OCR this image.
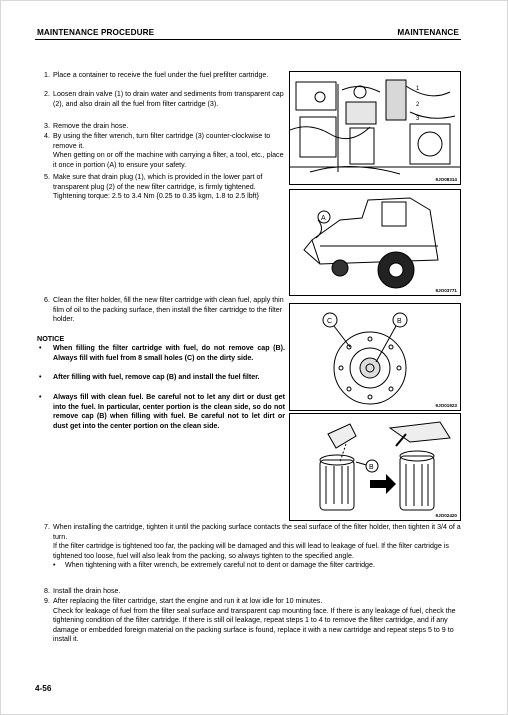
MAINTENANCE PROCEDURE	MAINTENANCE
1. Place a container to receive the fuel under the fuel prefilter cartridge.
2. Loosen drain valve (1) to drain water and sediments from transparent cap (2), and also drain all the fuel from filter cartridge (3).
3. Remove the drain hose.
4. By using the filter wrench, turn filter cartridge (3) counter-clockwise to remove it.
When getting on or off the machine with carrying a filter, a tool, etc., place it once in portion (A) to ensure your safety.
5. Make sure that drain plug (1), which is provided in the lower part of transparent plug (2) of the new filter cartridge, is firmly tightened.
Tightening torque: 2.5 to 3.4 Nm {0.25 to 0.35 kgm, 1.8 to 2.5 lbft}
6. Clean the filter holder, fill the new filter cartridge with clean fuel, apply thin film of oil to the packing surface, then install the filter cartridge to the filter holder.
NOTICE
• When filling the filter cartridge with fuel, do not remove cap (B). Always fill with fuel from 8 small holes (C) on the dirty side.
• After filling with fuel, remove cap (B) and install the fuel filter.
• Always fill with clean fuel. Be careful not to let any dirt or dust get into the fuel. In particular, center portion is the clean side, so do not remove cap (B) when filling with fuel. Be careful not to let dirt or dust get into the center portion on the clean side.
7. When installing the cartridge, tighten it until the packing surface contacts the seal surface of the filter holder, then tighten it 3/4 of a turn.
If the filter cartridge is tightened too far, the packing will be damaged and this will lead to leakage of fuel. If the filter cartridge is tightened too loose, fuel will also leak from the packing, so always tighten to the specified angle.
• When tightening with a filter wrench, be extremely careful not to dent or damage the filter cartridge.
8. Install the drain hose.
9. After replacing the filter cartridge, start the engine and run it at low idle for 10 minutes.
Check for leakage of fuel from the filter seal surface and transparent cap mounting face. If there is any leakage of fuel, check the tightening condition of the filter cartridge. If there is still oil leakage, repeat steps 1 to 4 to remove the filter cartridge, and if any damage or embedded foreign material on the packing surface is found, replace it with a new cartridge and repeat steps 5 to 9 to install it.
1
2
3
9JO08314
A
9JO03771
C	B
9JO01923
B
9JO02420
4-56
